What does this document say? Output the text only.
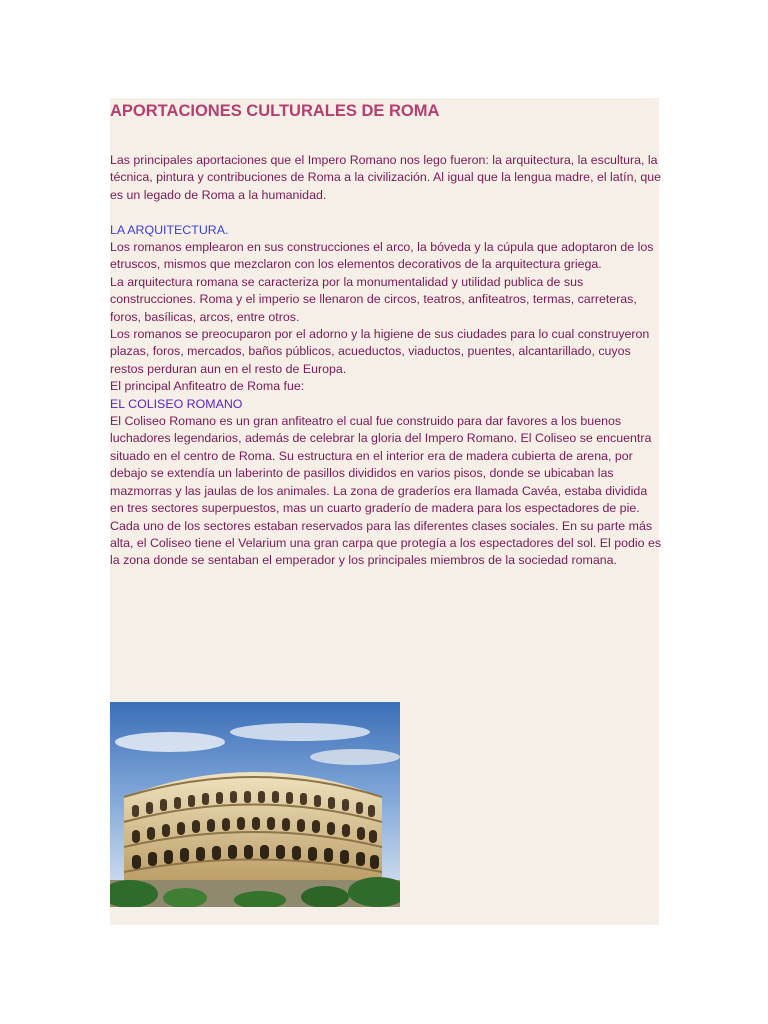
APORTACIONES CULTURALES DE ROMA

Las principales aportaciones que el Impero Romano nos lego fueron: la arquitectura, la escultura, la técnica, pintura y contribuciones de Roma a la civilización. Al igual que la lengua madre, el latín, que es un legado de Roma a la humanidad.

LA ARQUITECTURA.

Los romanos emplearon en sus construcciones el arco, la bóveda y la cúpula que adoptaron de los etruscos, mismos que mezclaron con los elementos decorativos de la arquitectura griega.

La arquitectura romana se caracteriza por la monumentalidad y utilidad publica de sus construcciones. Roma y el imperio se llenaron de circos, teatros, anfiteatros, termas, carreteras, foros, basílicas, arcos, entre otros.

Los romanos se preocuparon por el adorno y la higiene de sus ciudades para lo cual construyeron plazas, foros, mercados, baños públicos, acueductos, viaductos, puentes, alcantarillado, cuyos restos perduran aun en el resto de Europa.

El principal Anfiteatro de Roma fue:

EL COLISEO ROMANO

El Coliseo Romano es un gran anfiteatro el cual fue construido para dar favores a los buenos luchadores legendarios, además de celebrar la gloria del Impero Romano. El Coliseo se encuentra situado en el centro de Roma. Su estructura en el interior era de madera cubierta de arena, por debajo se extendía un laberinto de pasillos divididos en varios pisos, donde se ubicaban las mazmorras y las jaulas de los animales. La zona de graderíos era llamada Cavéa, estaba dividida en tres sectores superpuestos, mas un cuarto graderío de madera para los espectadores de pie. Cada uno de los sectores estaban reservados para las diferentes clases sociales. En su parte más alta, el Coliseo tiene el Velarium una gran carpa que protegía a los espectadores del sol. El podio es la zona donde se sentaban el emperador y los principales miembros de la sociedad romana.
